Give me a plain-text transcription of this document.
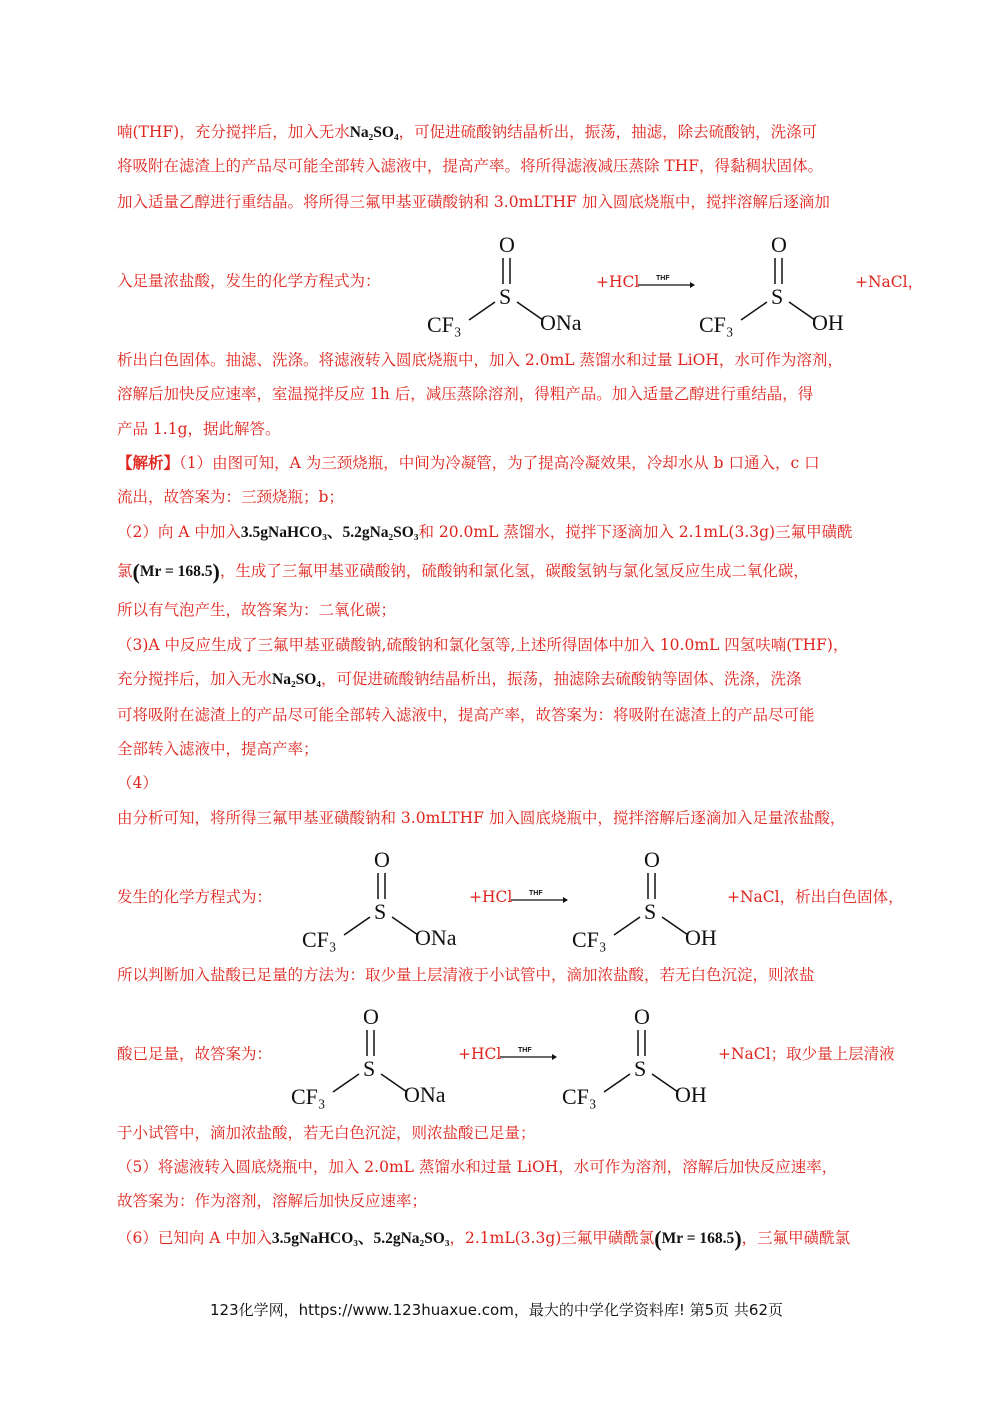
喃(THF)，充分搅拌后，加入无水Na₂SO₄，可促进硫酸钠结晶析出，振荡，抽滤，除去硫酸钠，洗涤可
将吸附在滤渣上的产品尽可能全部转入滤液中，提高产率。将所得滤液减压蒸除 THF，得黏稠状固体。
加入适量乙醇进行重结晶。将所得三氟甲基亚磺酸钠和 3.0mLTHF 加入圆底烧瓶中，搅拌溶解后逐滴加
入足量浓盐酸，发生的化学方程式为：
O
S
CF₃	ONa
+HCl THF
O
S
CF₃	OH
+NaCl，
析出白色固体。抽滤、洗涤。将滤液转入圆底烧瓶中，加入 2.0mL 蒸馏水和过量 LiOH，水可作为溶剂，
溶解后加快反应速率，室温搅拌反应 1h 后，减压蒸除溶剂，得粗产品。加入适量乙醇进行重结晶，得
产品 1.1g，据此解答。
【解析】（1）由图可知，A 为三颈烧瓶，中间为冷凝管，为了提高冷凝效果，冷却水从 b 口通入，c 口
流出，故答案为：三颈烧瓶；b；
（2）向 A 中加入3.5gNaHCO₃、5.2gNa₂SO₃和 20.0mL 蒸馏水，搅拌下逐滴加入 2.1mL(3.3g)三氟甲磺酰
氯(Mr = 168.5)，生成了三氟甲基亚磺酸钠，硫酸钠和氯化氢，碳酸氢钠与氯化氢反应生成二氧化碳，
所以有气泡产生，故答案为：二氧化碳；
（3)A 中反应生成了三氟甲基亚磺酸钠,硫酸钠和氯化氢等,上述所得固体中加入 10.0mL 四氢呋喃(THF)，
充分搅拌后，加入无水Na₂SO₄，可促进硫酸钠结晶析出，振荡，抽滤除去硫酸钠等固体、洗涤，洗涤
可将吸附在滤渣上的产品尽可能全部转入滤液中，提高产率，故答案为：将吸附在滤渣上的产品尽可能
全部转入滤液中，提高产率；
（4）
由分析可知，将所得三氟甲基亚磺酸钠和 3.0mLTHF 加入圆底烧瓶中，搅拌溶解后逐滴加入足量浓盐酸，
发生的化学方程式为：
O
S
CF₃	ONa
+HCl THF
O
S
CF₃	OH
+NaCl，析出白色固体，
所以判断加入盐酸已足量的方法为：取少量上层清液于小试管中，滴加浓盐酸，若无白色沉淀，则浓盐
酸已足量，故答案为：
O
S
CF₃	ONa
+HCl THF
O
S
CF₃	OH
+NaCl；取少量上层清液
于小试管中，滴加浓盐酸，若无白色沉淀，则浓盐酸已足量；
（5）将滤液转入圆底烧瓶中，加入 2.0mL 蒸馏水和过量 LiOH，水可作为溶剂，溶解后加快反应速率，
故答案为：作为溶剂，溶解后加快反应速率；
（6）已知向 A 中加入3.5gNaHCO₃、5.2gNa₂SO₃，2.1mL(3.3g)三氟甲磺酰氯(Mr = 168.5)，三氟甲磺酰氯
123化学网，https://www.123huaxue.com，最大的中学化学资料库! 第5页 共62页
